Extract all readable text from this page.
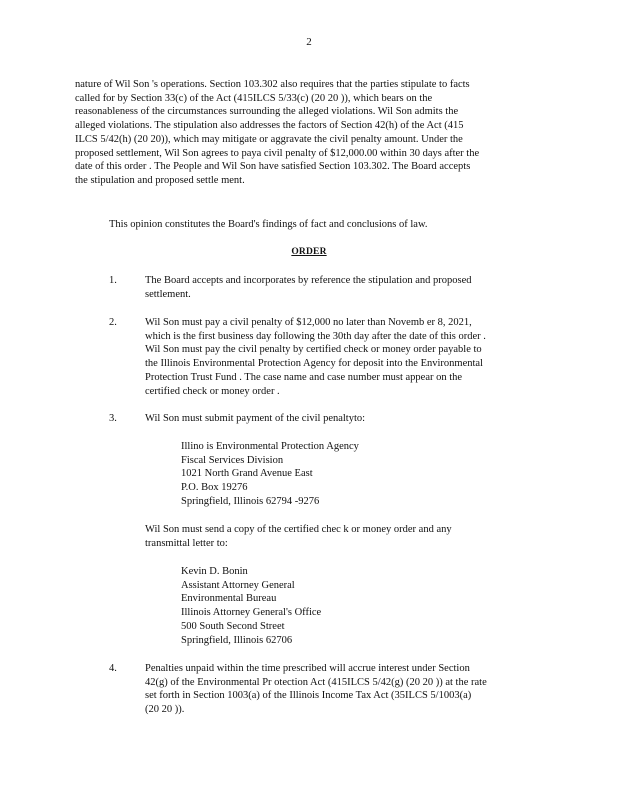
2
nature of Wil Son 's operations. Section 103.302 also requires that the parties stipulate to facts
called for by Section 33(c) of the Act (415ILCS 5/33(c) (20 20 )), which bears on the
reasonableness of the circumstances surrounding the alleged violations. Wil Son admits the
alleged violations. The stipulation also addresses the factors of Section 42(h) of the Act (415
ILCS 5/42(h) (20 20)), which may mitigate or aggravate the civil penalty amount. Under the
proposed settlement, Wil Son agrees to paya civil penalty of $12,000.00 within 30 days after the
date of this order . The People and Wil Son have satisfied Section 103.302. The Board accepts
the stipulation and proposed settle ment.
This opinion constitutes the Board's findings of fact and conclusions of law.
ORDER
1.	The Board accepts and incorporates by reference the stipulation and proposed
settlement.
2.	Wil Son must pay a civil penalty of $12,000 no later than Novemb er 8, 2021,
which is the first business day following the 30th day after the date of this order .
Wil Son must pay the civil penalty by certified check or money order payable to
the Illinois Environmental Protection Agency for deposit into the Environmental
Protection Trust Fund . The case name and case number must appear on the
certified check or money order .
3.	Wil Son must submit payment of the civil penaltyto:
Illino is Environmental Protection Agency
Fiscal Services Division
1021 North Grand Avenue East
P.O. Box 19276
Springfield, Illinois 62794 -9276
Wil Son must send a copy of the certified chec k or money order and any
transmittal letter to:
Kevin D. Bonin
Assistant Attorney General
Environmental Bureau
Illinois Attorney General's Office
500 South Second Street
Springfield, Illinois 62706
4.	Penalties unpaid within the time prescribed will accrue interest under Section
42(g) of the Environmental Pr otection Act (415ILCS 5/42(g) (20 20 )) at the rate
set forth in Section 1003(a) of the Illinois Income Tax Act (35ILCS 5/1003(a)
(20 20 )).
